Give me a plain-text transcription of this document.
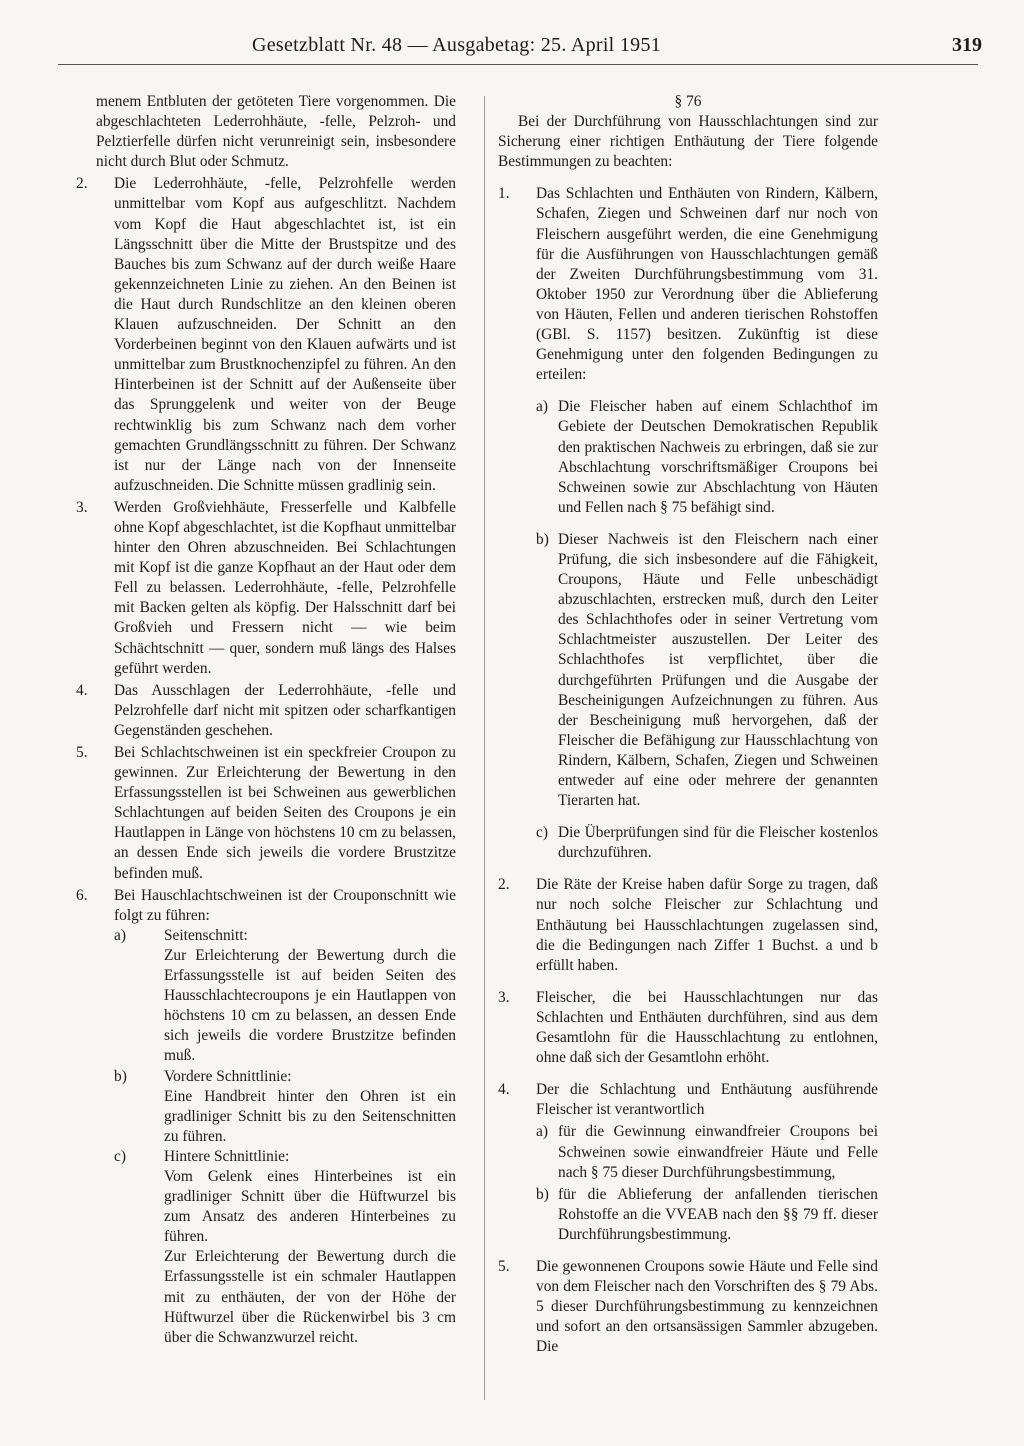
Gesetzblatt Nr. 48 — Ausgabetag: 25. April 1951	319

menem Entbluten der getöteten Tiere vorgenommen. Die abgeschlachteten Lederrohhäute, -felle, Pelzroh- und Pelztierfelle dürfen nicht verunreinigt sein, insbesondere nicht durch Blut oder Schmutz.

2. Die Lederrohhäute, -felle, Pelzrohfelle werden unmittelbar vom Kopf aus aufgeschlitzt. Nachdem vom Kopf die Haut abgeschlachtet ist, ist ein Längsschnitt über die Mitte der Brustspitze und des Bauches bis zum Schwanz auf der durch weiße Haare gekennzeichneten Linie zu ziehen. An den Beinen ist die Haut durch Rundschlitze an den kleinen oberen Klauen aufzuschneiden. Der Schnitt an den Vorderbeinen beginnt von den Klauen aufwärts und ist unmittelbar zum Brustknochenzipfel zu führen. An den Hinterbeinen ist der Schnitt auf der Außenseite über das Sprunggelenk und weiter von der Beuge rechtwinklig bis zum Schwanz nach dem vorher gemachten Grundlängsschnitt zu führen. Der Schwanz ist nur der Länge nach von der Innenseite aufzuschneiden. Die Schnitte müssen gradlinig sein.

3. Werden Großviehhäute, Fresserfelle und Kalbfelle ohne Kopf abgeschlachtet, ist die Kopfhaut unmittelbar hinter den Ohren abzuschneiden. Bei Schlachtungen mit Kopf ist die ganze Kopfhaut an der Haut oder dem Fell zu belassen. Lederrohhäute, -felle, Pelzrohfelle mit Backen gelten als köpfig. Der Halsschnitt darf bei Großvieh und Fressern nicht — wie beim Schächtschnitt — quer, sondern muß längs des Halses geführt werden.

4. Das Ausschlagen der Lederrohhäute, -felle und Pelzrohfelle darf nicht mit spitzen oder scharfkantigen Gegenständen geschehen.

5. Bei Schlachtschweinen ist ein speckfreier Croupon zu gewinnen. Zur Erleichterung der Bewertung in den Erfassungsstellen ist bei Schweinen aus gewerblichen Schlachtungen auf beiden Seiten des Croupons je ein Hautlappen in Länge von höchstens 10 cm zu belassen, an dessen Ende sich jeweils die vordere Brustzitze befinden muß.

6. Bei Hauschlachtschweinen ist der Crouponschnitt wie folgt zu führen:

a)	Seitenschnitt:

Zur Erleichterung der Bewertung durch die Erfassungsstelle ist auf beiden Seiten des Hausschlachtecroupons je ein Hautlappen von höchstens 10 cm zu belassen, an dessen Ende sich jeweils die vordere Brustzitze befinden muß.

b)	Vordere Schnittlinie:

Eine Handbreit hinter den Ohren ist ein gradliniger Schnitt bis zu den Seitenschnitten zu führen.

c)	Hintere Schnittlinie:

Vom Gelenk eines Hinterbeines ist ein gradliniger Schnitt über die Hüftwurzel bis zum Ansatz des anderen Hinterbeines zu führen.

Zur Erleichterung der Bewertung durch die Erfassungsstelle ist ein schmaler Hautlappen mit zu enthäuten, der von der Höhe der Hüftwurzel über die Rückenwirbel bis 3 cm über die Schwanzwurzel reicht.

§ 76

Bei der Durchführung von Hausschlachtungen sind zur Sicherung einer richtigen Enthäutung der Tiere folgende Bestimmungen zu beachten:

1. Das Schlachten und Enthäuten von Rindern, Kälbern, Schafen, Ziegen und Schweinen darf nur noch von Fleischern ausgeführt werden, die eine Genehmigung für die Ausführungen von Hausschlachtungen gemäß der Zweiten Durchführungsbestimmung vom 31. Oktober 1950 zur Verordnung über die Ablieferung von Häuten, Fellen und anderen tierischen Rohstoffen (GBl. S. 1157) besitzen. Zukünftig ist diese Genehmigung unter den folgenden Bedingungen zu erteilen:

a) Die Fleischer haben auf einem Schlachthof im Gebiete der Deutschen Demokratischen Republik den praktischen Nachweis zu erbringen, daß sie zur Abschlachtung vorschriftsmäßiger Croupons bei Schweinen sowie zur Abschlachtung von Häuten und Fellen nach § 75 befähigt sind.

b) Dieser Nachweis ist den Fleischern nach einer Prüfung, die sich insbesondere auf die Fähigkeit, Croupons, Häute und Felle unbeschädigt abzuschlachten, erstrecken muß, durch den Leiter des Schlachthofes oder in seiner Vertretung vom Schlachtmeister auszustellen. Der Leiter des Schlachthofes ist verpflichtet, über die durchgeführten Prüfungen und die Ausgabe der Bescheinigungen Aufzeichnungen zu führen. Aus der Bescheinigung muß hervorgehen, daß der Fleischer die Befähigung zur Hausschlachtung von Rindern, Kälbern, Schafen, Ziegen und Schweinen entweder auf eine oder mehrere der genannten Tierarten hat.

c) Die Überprüfungen sind für die Fleischer kostenlos durchzuführen.

2. Die Räte der Kreise haben dafür Sorge zu tragen, daß nur noch solche Fleischer zur Schlachtung und Enthäutung bei Hausschlachtungen zugelassen sind, die die Bedingungen nach Ziffer 1 Buchst. a und b erfüllt haben.

3. Fleischer, die bei Hausschlachtungen nur das Schlachten und Enthäuten durchführen, sind aus dem Gesamtlohn für die Hausschlachtung zu entlohnen, ohne daß sich der Gesamtlohn erhöht.

4. Der die Schlachtung und Enthäutung ausführende Fleischer ist verantwortlich

a) für die Gewinnung einwandfreier Croupons bei Schweinen sowie einwandfreier Häute und Felle nach § 75 dieser Durchführungsbestimmung,

b) für die Ablieferung der anfallenden tierischen Rohstoffe an die VVEAB nach den §§ 79 ff. dieser Durchführungsbestimmung.

5. Die gewonnenen Croupons sowie Häute und Felle sind von dem Fleischer nach den Vorschriften des § 79 Abs. 5 dieser Durchführungsbestimmung zu kennzeichnen und sofort an den ortsansässigen Sammler abzugeben. Die
